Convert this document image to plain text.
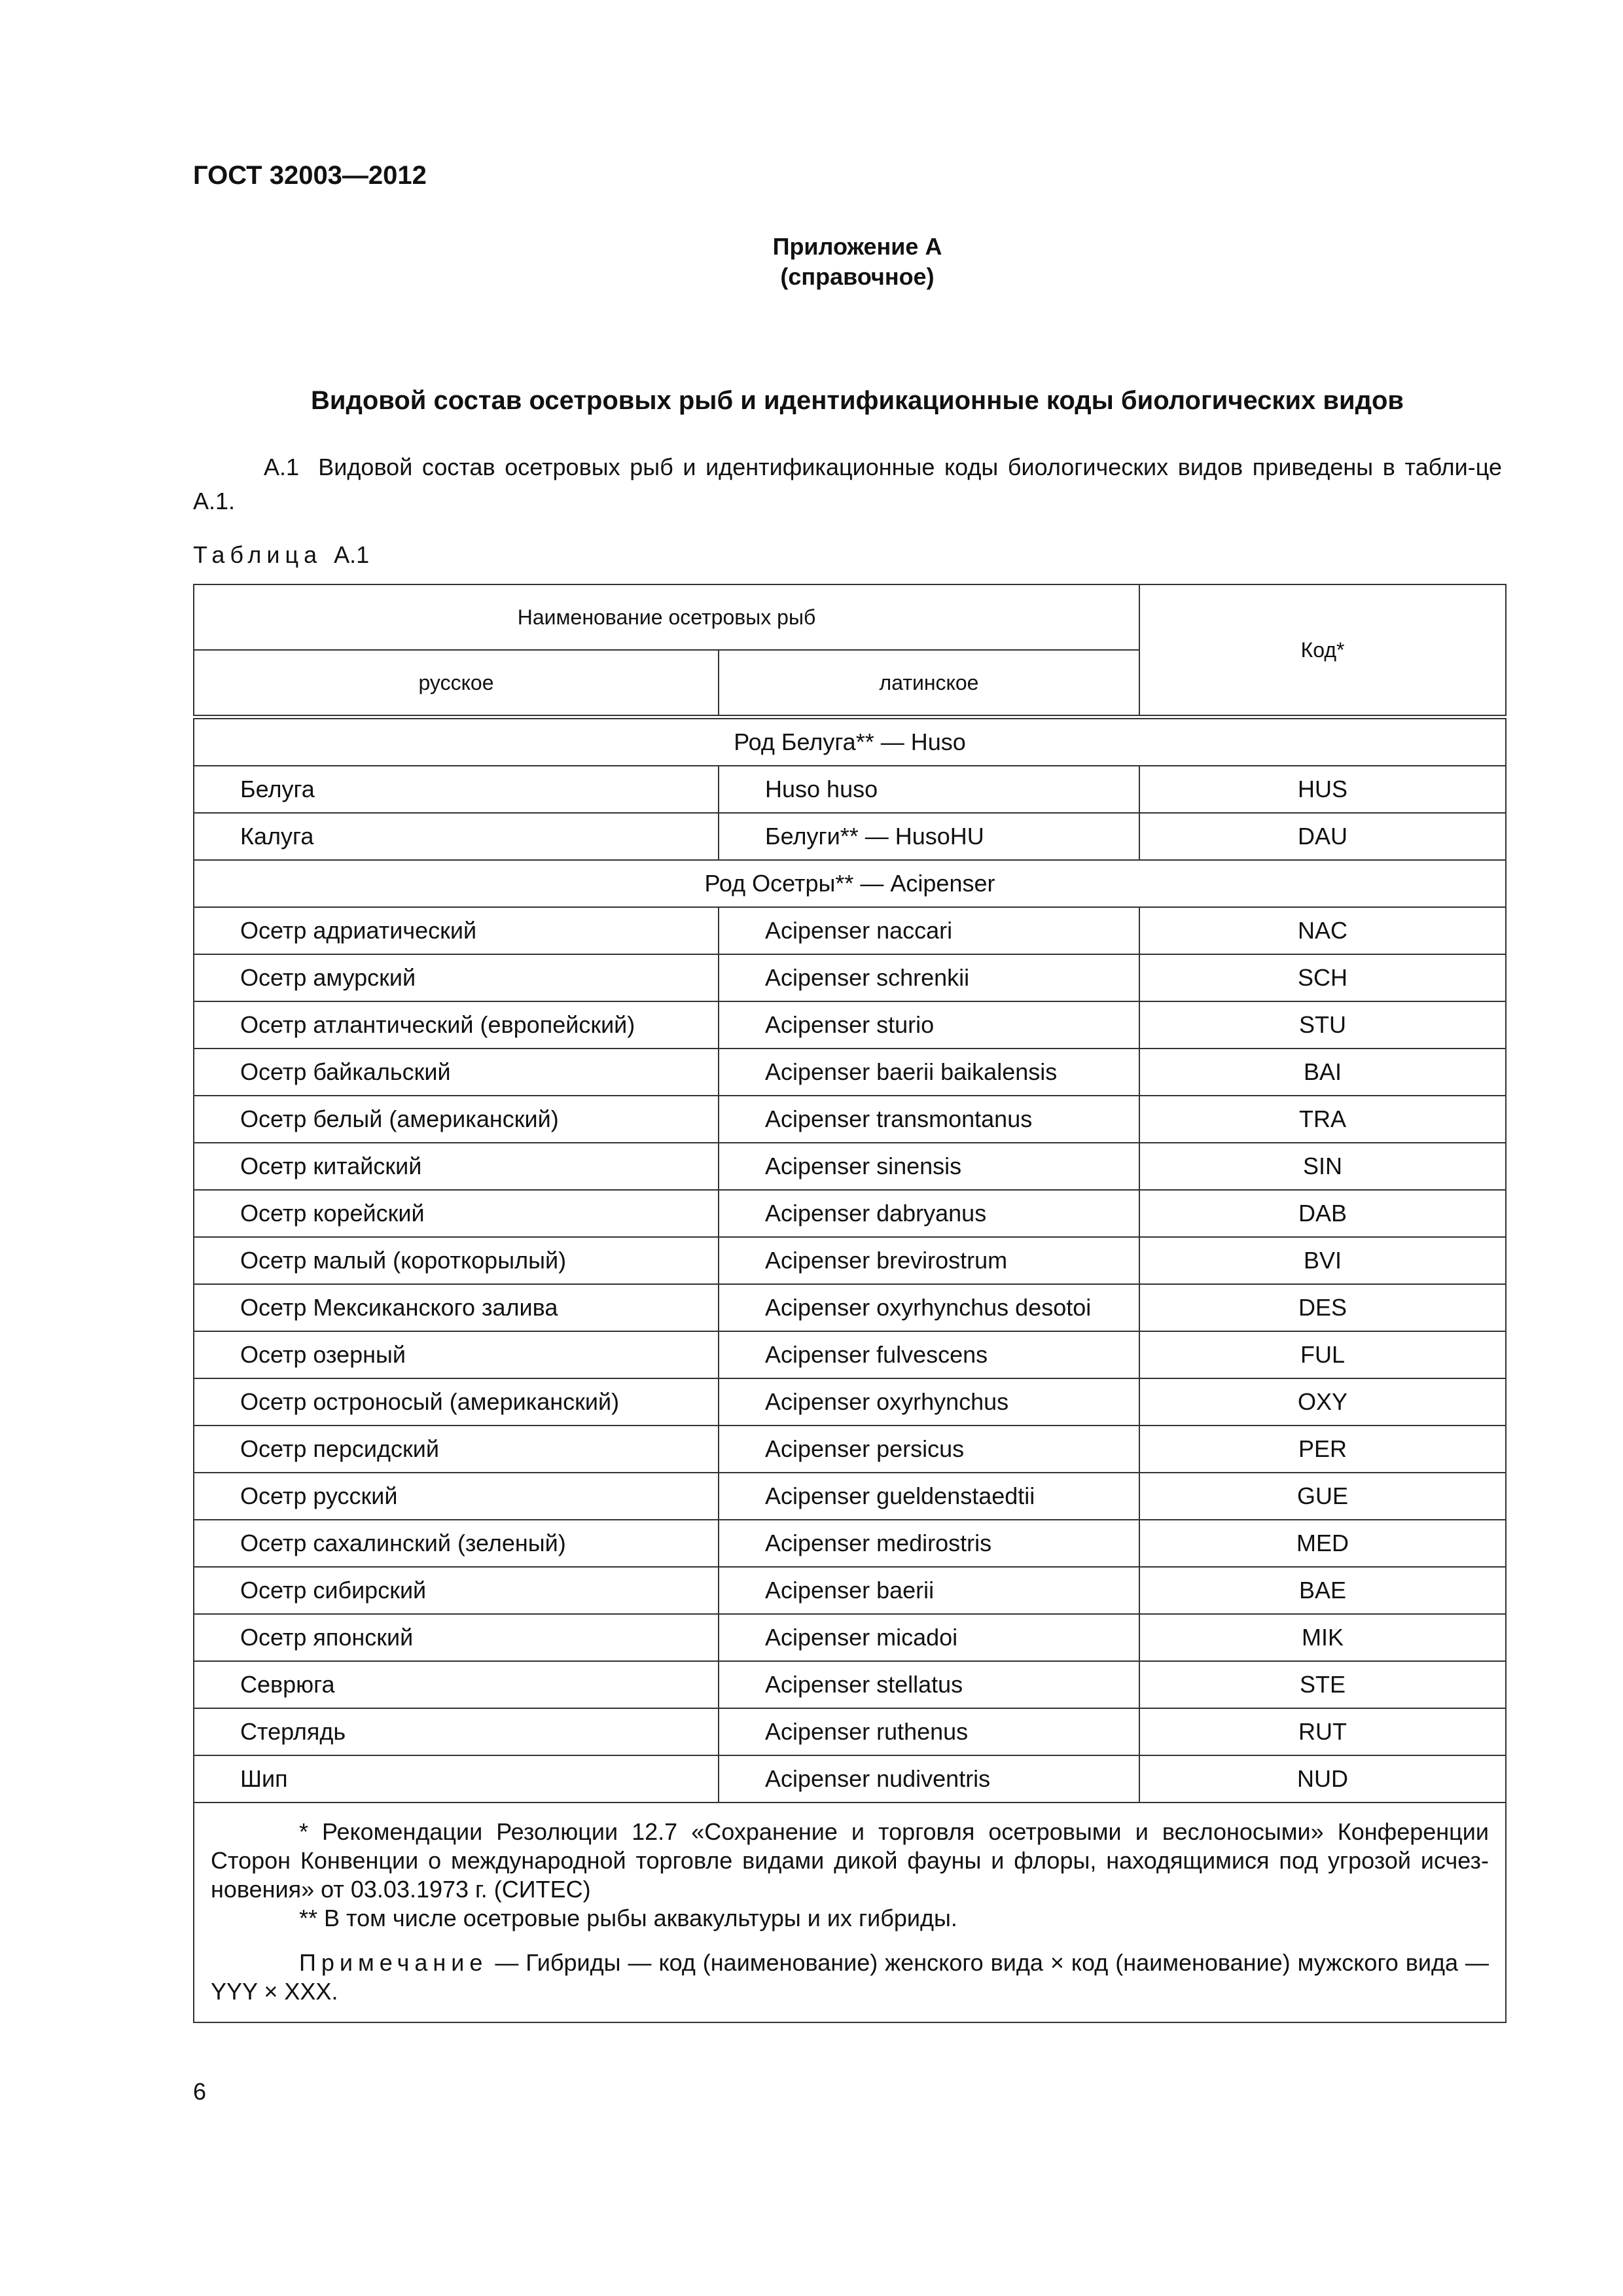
ГОСТ 32003—2012
Приложение А
(справочное)
Видовой состав осетровых рыб и идентификационные коды биологических видов
А.1 Видовой состав осетровых рыб и идентификационные коды биологических видов приведены в табли-це А.1.
Таблица А.1
Наименование осетровых рыб		Код*
русское	латинское	
Род Белуга** — Huso		
Белуга	Huso huso	HUS
Калуга	Белуги** — HusoHU	DAU
Род Осетры** — Acipenser		
Осетр адриатический	Acipenser naccari	NAC
Осетр амурский	Acipenser schrenkii	SCH
Осетр атлантический (европейский)	Acipenser sturio	STU
Осетр байкальский	Acipenser baerii baikalensis	BAI
Осетр белый (американский)	Acipenser transmontanus	TRA
Осетр китайский	Acipenser sinensis	SIN
Осетр корейский	Acipenser dabryanus	DAB
Осетр малый (короткорылый)	Acipenser brevirostrum	BVI
Осетр Мексиканского залива	Acipenser oxyrhynchus desotoi	DES
Осетр озерный	Acipenser fulvescens	FUL
Осетр остроносый (американский)	Acipenser oxyrhynchus	OXY
Осетр персидский	Acipenser persicus	PER
Осетр русский	Acipenser gueldenstaedtii	GUE
Осетр сахалинский (зеленый)	Acipenser medirostris	MED
Осетр сибирский	Acipenser baerii	BAE
Осетр японский	Acipenser micadoi	MIK
Севрюга	Acipenser stellatus	STE
Стерлядь	Acipenser ruthenus	RUT
Шип	Acipenser nudiventris	NUD

* Рекомендации Резолюции 12.7 «Сохранение и торговля осетровыми и веслоносыми» Конференции Сторон Конвенции о международной торговле видами дикой фауны и флоры, находящимися под угрозой исчез-новения» от 03.03.1973 г. (СИТЕС)

** В том числе осетровые рыбы аквакультуры и их гибриды.

Примечание — Гибриды — код (наименование) женского вида × код (наименование) мужского вида — YYY × XXX.		

6
